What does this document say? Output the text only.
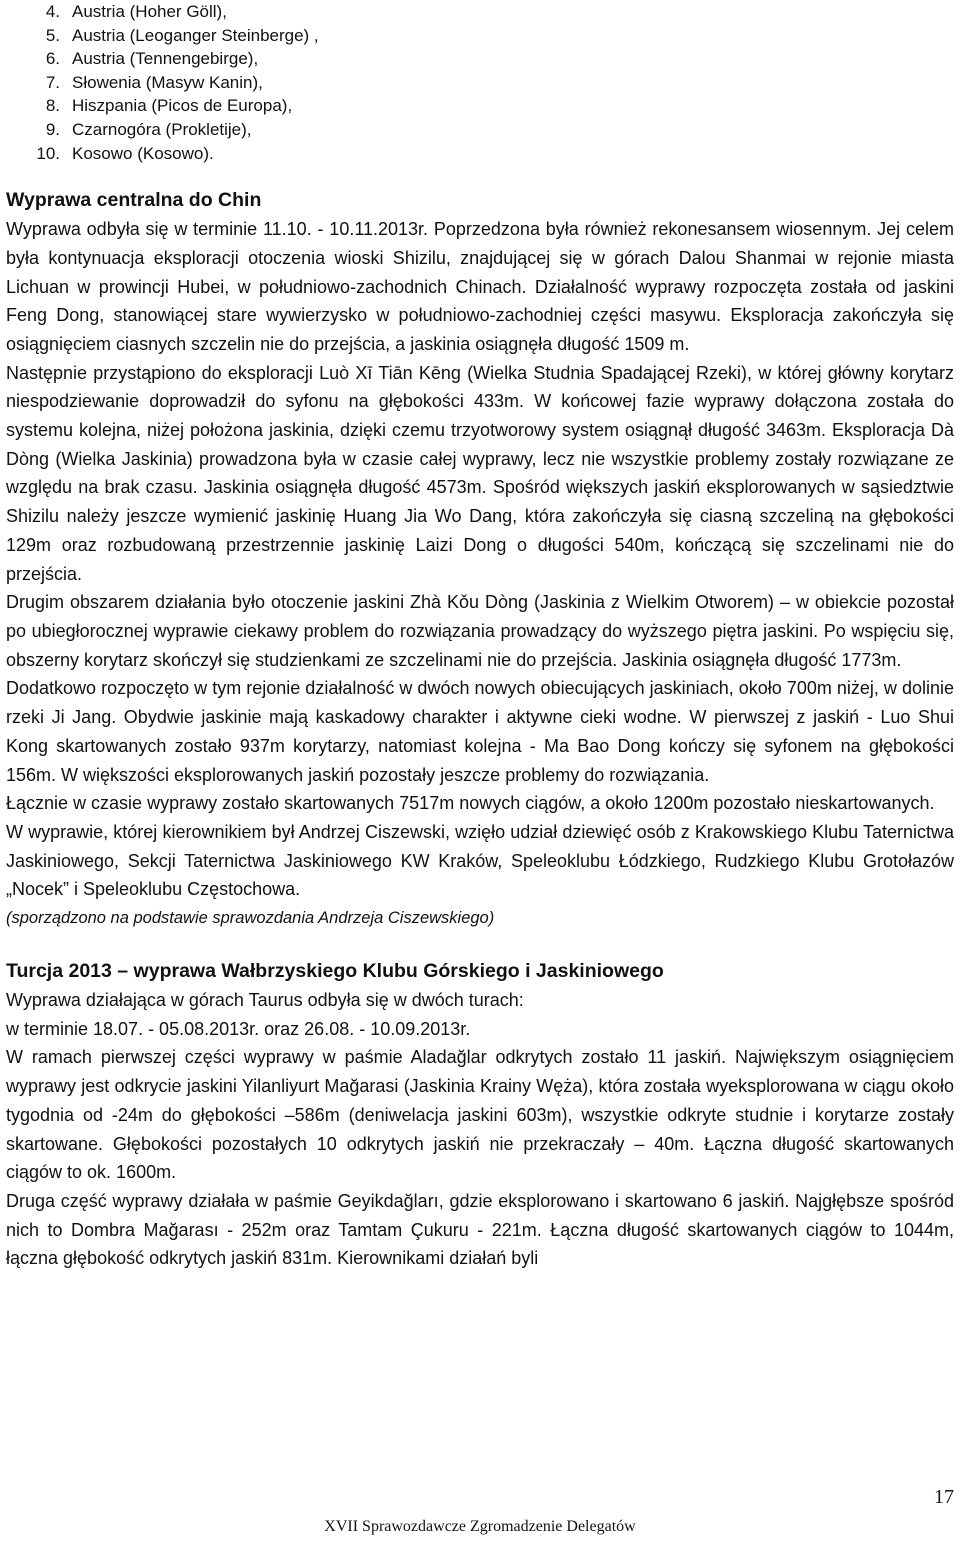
4. Austria (Hoher Göll),
5. Austria (Leoganger Steinberge) ,
6. Austria (Tennengebirge),
7. Słowenia (Masyw Kanin),
8. Hiszpania (Picos de Europa),
9. Czarnogóra (Prokletije),
10. Kosowo (Kosowo).
Wyprawa centralna do Chin

Wyprawa odbyła się w terminie 11.10. - 10.11.2013r. Poprzedzona była również rekonesansem wiosennym. Jej celem była kontynuacja eksploracji otoczenia wioski Shizilu, znajdującej się w górach Dalou Shanmai w rejonie miasta Lichuan w prowincji Hubei, w południowo-zachodnich Chinach. Działalność wyprawy rozpoczęta została od jaskini Feng Dong, stanowiącej stare wywierzysko w południowo-zachodniej części masywu. Eksploracja zakończyła się osiągnięciem ciasnych szczelin nie do przejścia, a jaskinia osiągnęła długość 1509 m.

Następnie przystąpiono do eksploracji Luò Xī Tiān Kēng (Wielka Studnia Spadającej Rzeki), w której główny korytarz niespodziewanie doprowadził do syfonu na głębokości 433m. W końcowej fazie wyprawy dołączona została do systemu kolejna, niżej położona jaskinia, dzięki czemu trzyotworowy system osiągnął długość 3463m. Eksploracja Dà Dòng (Wielka Jaskinia) prowadzona była w czasie całej wyprawy, lecz nie wszystkie problemy zostały rozwiązane ze względu na brak czasu. Jaskinia osiągnęła długość 4573m. Spośród większych jaskiń eksplorowanych w sąsiedztwie Shizilu należy jeszcze wymienić jaskinię Huang Jia Wo Dang, która zakończyła się ciasną szczeliną na głębokości 129m oraz rozbudowaną przestrzennie jaskinię Laizi Dong o długości 540m, kończącą się szczelinami nie do przejścia.

Drugim obszarem działania było otoczenie jaskini Zhà Kǒu Dòng (Jaskinia z Wielkim Otworem) – w obiekcie pozostał po ubiegłorocznej wyprawie ciekawy problem do rozwiązania prowadzący do wyższego piętra jaskini. Po wspięciu się, obszerny korytarz skończył się studzienkami ze szczelinami nie do przejścia. Jaskinia osiągnęła długość 1773m.

Dodatkowo rozpoczęto w tym rejonie działalność w dwóch nowych obiecujących jaskiniach, około 700m niżej, w dolinie rzeki Ji Jang. Obydwie jaskinie mają kaskadowy charakter i aktywne cieki wodne. W pierwszej z jaskiń - Luo Shui Kong skartowanych zostało 937m korytarzy, natomiast kolejna - Ma Bao Dong kończy się syfonem na głębokości 156m. W większości eksplorowanych jaskiń pozostały jeszcze problemy do rozwiązania.

Łącznie w czasie wyprawy zostało skartowanych 7517m nowych ciągów, a około 1200m pozostało nieskartowanych.

W wyprawie, której kierownikiem był Andrzej Ciszewski, wzięło udział dziewięć osób z Krakowskiego Klubu Taternictwa Jaskiniowego, Sekcji Taternictwa Jaskiniowego KW Kraków, Speleoklubu Łódzkiego, Rudzkiego Klubu Grotołazów „Nocek” i Speleoklubu Częstochowa.

(sporządzono na podstawie sprawozdania Andrzeja Ciszewskiego)

Turcja 2013 – wyprawa Wałbrzyskiego Klubu Górskiego i Jaskiniowego

Wyprawa działająca w górach Taurus odbyła się w dwóch turach:

w terminie 18.07. - 05.08.2013r. oraz 26.08. - 10.09.2013r.

W ramach pierwszej części wyprawy w paśmie Aladağlar odkrytych zostało 11 jaskiń. Największym osiągnięciem wyprawy jest odkrycie jaskini Yilanliyurt Mağarasi (Jaskinia Krainy Węża), która została wyeksplorowana w ciągu około tygodnia od -24m do głębokości –586m (deniwelacja jaskini 603m), wszystkie odkryte studnie i korytarze zostały skartowane. Głębokości pozostałych 10 odkrytych jaskiń nie przekraczały – 40m. Łączna długość skartowanych ciągów to ok. 1600m.

Druga część wyprawy działała w paśmie Geyikdağları, gdzie eksplorowano i skartowano 6 jaskiń. Najgłębsze spośród nich to Dombra Mağarası - 252m oraz Tamtam Çukuru - 221m. Łączna długość skartowanych ciągów to 1044m, łączna głębokość odkrytych jaskiń 831m. Kierownikami działań byli

17
XVII Sprawozdawcze Zgromadzenie Delegatów
